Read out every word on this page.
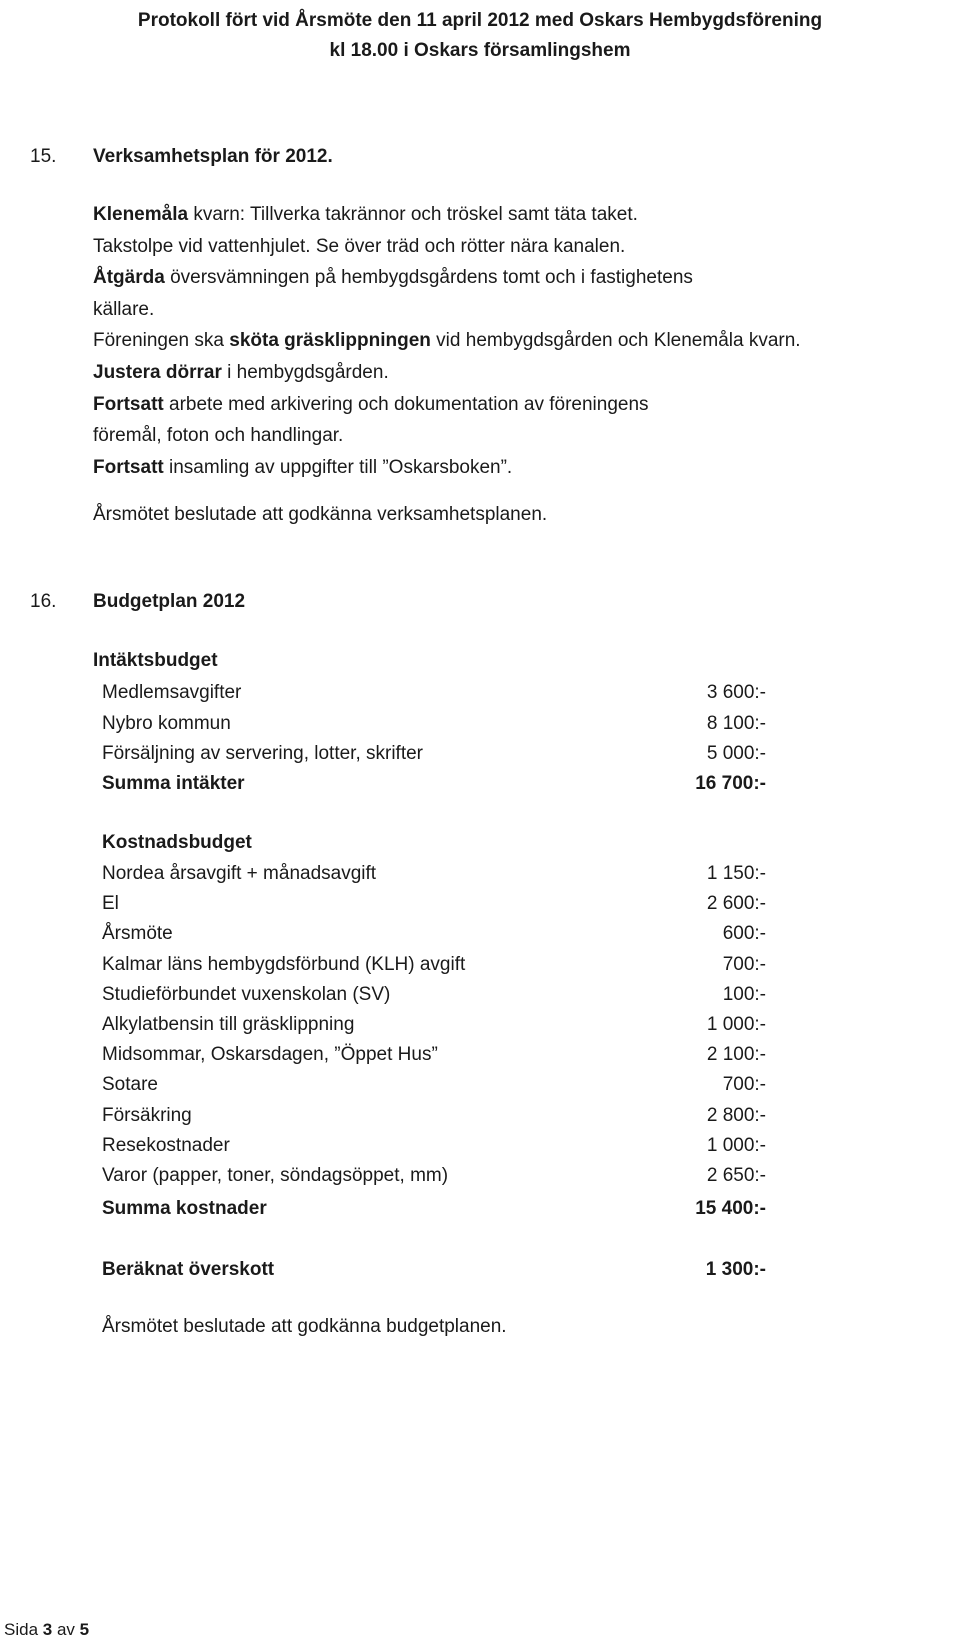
Protokoll fört vid Årsmöte den 11 april 2012 med Oskars Hembygdsförening
kl 18.00 i Oskars församlingshem
15. Verksamhetsplan för 2012.
Klenemåla kvarn: Tillverka takrännor och tröskel samt täta taket.
Takstolpe vid vattenhjulet. Se över träd och rötter nära kanalen.
Åtgärda översvämningen på hembygdsgårdens tomt och i fastighetens
källare.
Föreningen ska sköta gräsklippningen vid hembygdsgården och Klenemåla kvarn.
Justera dörrar i hembygdsgården.
Fortsatt arbete med arkivering och dokumentation av föreningens
föremål, foton och handlingar.
Fortsatt insamling av uppgifter till ”Oskarsboken”.
Årsmötet beslutade att godkänna verksamhetsplanen.
16. Budgetplan 2012
Intäktsbudget
Medlemsavgifter	3 600:-
Nybro kommun	8 100:-
Försäljning av servering, lotter, skrifter	5 000:-
Summa intäkter	16 700:-
Kostnadsbudget
Nordea årsavgift + månadsavgift	1 150:-
El	2 600:-
Årsmöte	600:-
Kalmar läns hembygdsförbund (KLH) avgift	700:-
Studieförbundet vuxenskolan (SV)	100:-
Alkylatbensin till gräsklippning	1 000:-
Midsommar, Oskarsdagen, ”Öppet Hus”	2 100:-
Sotare	700:-
Försäkring	2 800:-
Resekostnader	1 000:-
Varor (papper, toner, söndagsöppet, mm)	2 650:-
Summa kostnader	15 400:-
Beräknat överskott	1 300:-
Årsmötet beslutade att godkänna budgetplanen.
Sida 3 av 5
